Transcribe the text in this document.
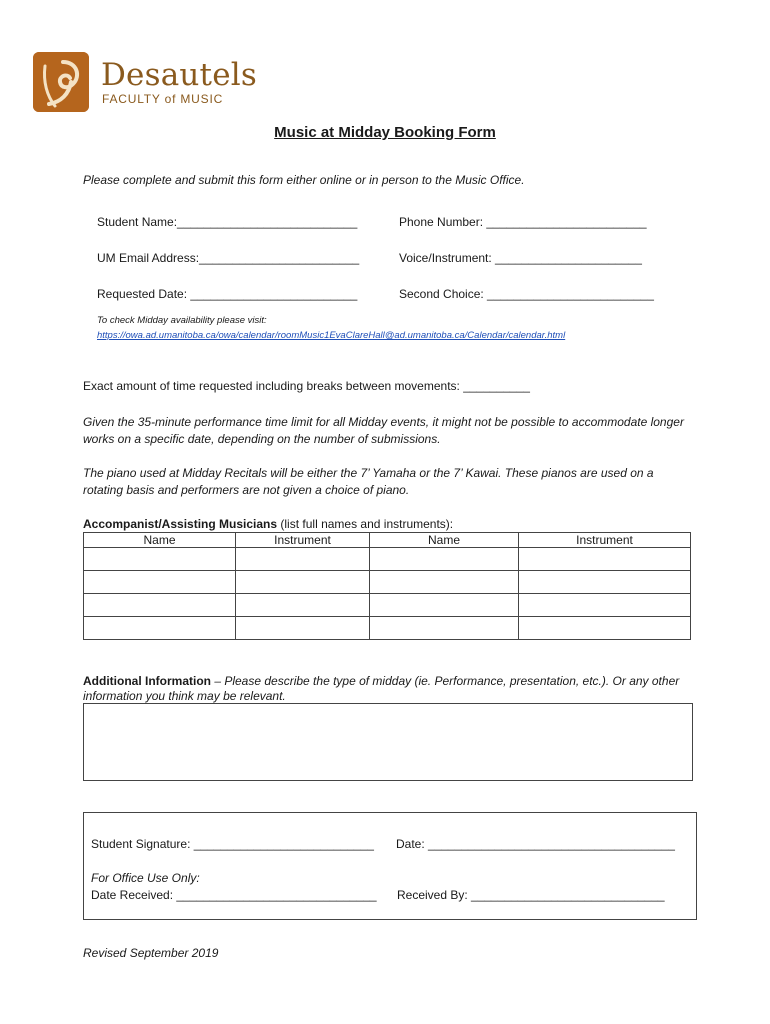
Desautels
FACULTY of MUSIC
Music at Midday Booking Form
Please complete and submit this form either online or in person to the Music Office.
Student Name:___________________________	Phone Number: ________________________
UM Email Address:________________________	Voice/Instrument: ______________________
Requested Date: _________________________	Second Choice: _________________________
To check Midday availability please visit:
https://owa.ad.umanitoba.ca/owa/calendar/roomMusic1EvaClareHall@ad.umanitoba.ca/Calendar/calendar.html
Exact amount of time requested including breaks between movements: __________
Given the 35-minute performance time limit for all Midday events, it might not be possible to accommodate longer works on a specific date, depending on the number of submissions.
The piano used at Midday Recitals will be either the 7’ Yamaha or the 7’ Kawai. These pianos are used on a rotating basis and performers are not given a choice of piano.
Accompanist/Assisting Musicians (list full names and instruments):
Name	Instrument	Name	Instrument

Additional Information – Please describe the type of midday (ie. Performance, presentation, etc.). Or any other information you think may be relevant.
Student Signature: ___________________________ Date: _____________________________________
For Office Use Only:
Date Received: ______________________________ Received By: _____________________________
Revised September 2019
